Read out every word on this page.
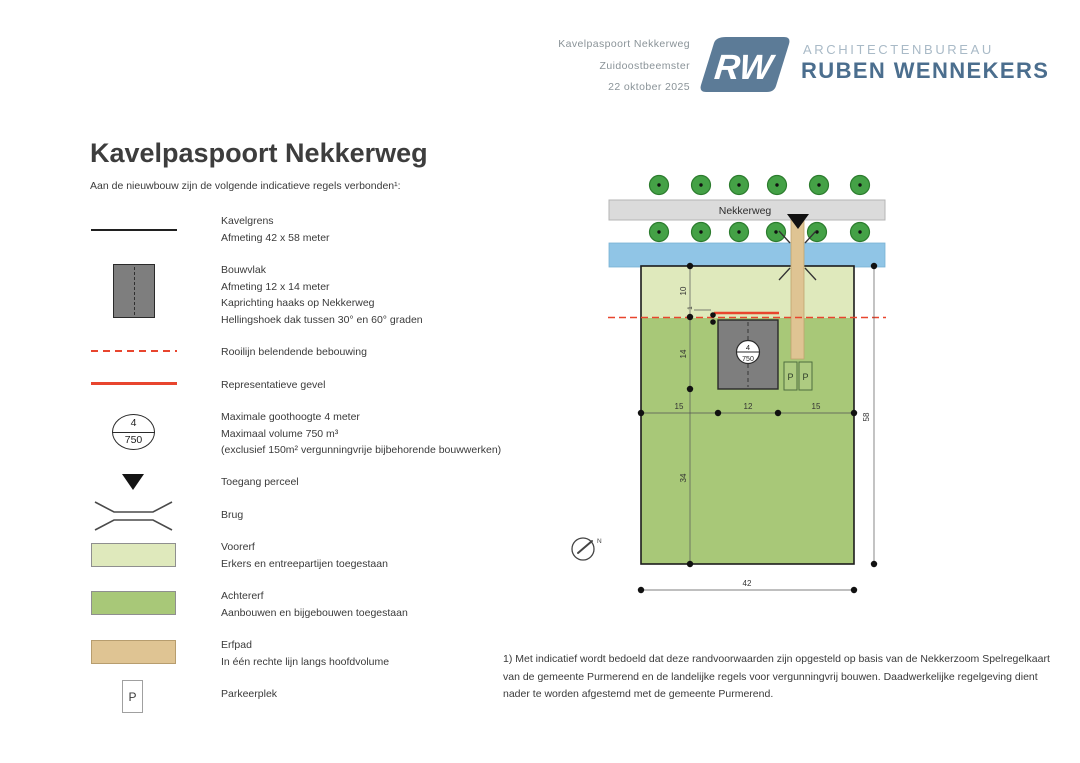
Kavelpaspoort Nekkerweg
Zuidoostbeemster
22 oktober 2025
RW ARCHITECTENBUREAU
RUBEN WENNEKERS
Kavelpaspoort Nekkerweg
Aan de nieuwbouw zijn de volgende indicatieve regels verbonden¹:
4
750
P
Kavelgrens
Afmeting 42 x 58 meter
Bouwvlak
Afmeting 12 x 14 meter
Kaprichting haaks op Nekkerweg
Hellingshoek dak tussen 30° en 60° graden
Rooilijn belendende bebouwing
Representatieve gevel
Maximale goothoogte 4 meter
Maximaal volume 750 m³
(exclusief 150m² vergunningvrije bijbehorende bouwwerken)
Toegang perceel
Brug
Voorerf
Erkers en entreepartijen toegestaan
Achtererf
Aanbouwen en bijgebouwen toegestaan
Erfpad
In één rechte lijn langs hoofdvolume
Parkeerplek
Nekkerweg
4
750
P P
10
1
14
34
15	12	15
42
58
N
1) Met indicatief wordt bedoeld dat deze randvoorwaarden zijn opgesteld op basis van de Nekkerzoom Spelregelkaart van de gemeente Purmerend en de landelijke regels voor vergunningvrij bouwen. Daadwerkelijke regelgeving dient nader te worden afgestemd met de gemeente Purmerend.
